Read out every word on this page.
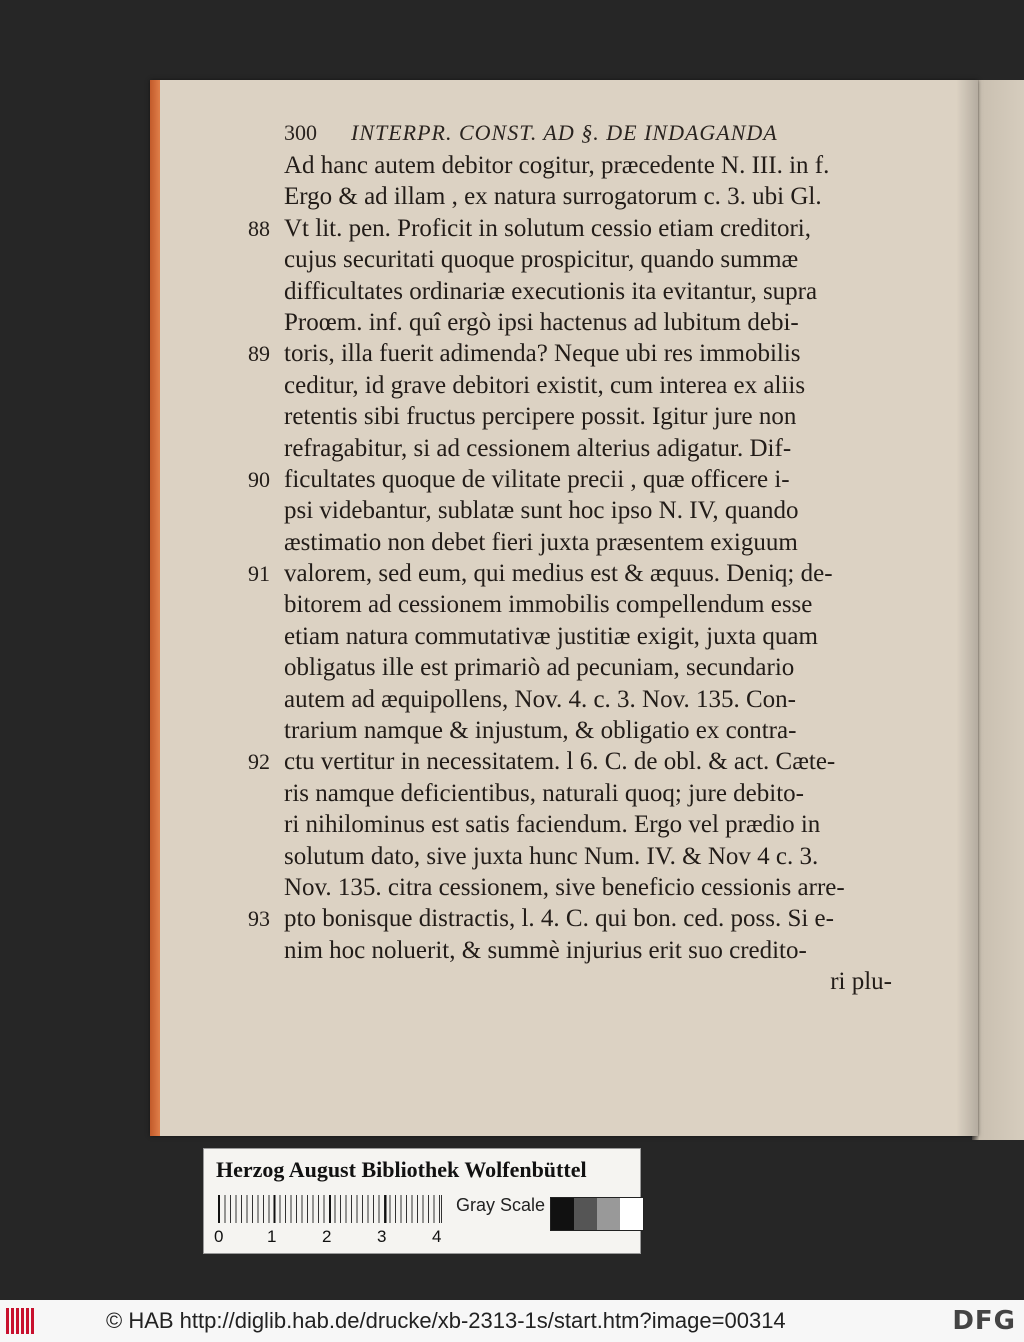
300 INTERPR. CONST. AD §. DE INDAGANDA
Ad hanc autem debitor cogitur, præcedente N. III. in f.
Ergo & ad illam , ex natura surrogatorum c. 3. ubi Gl.
88 Vt lit. pen. Proficit in solutum cessio etiam creditori,
cujus securitati quoque prospicitur, quando summæ
difficultates ordinariæ executionis ita evitantur, supra
Proœm. inf. quî ergò ipsi hactenus ad lubitum debi-
89 toris, illa fuerit adimenda? Neque ubi res immobilis
ceditur, id grave debitori existit, cum interea ex aliis
retentis sibi fructus percipere possit. Igitur jure non
refragabitur, si ad cessionem alterius adigatur. Dif-
90 ficultates quoque de vilitate precii , quæ officere i-
psi videbantur, sublatæ sunt hoc ipso N. IV, quando
æstimatio non debet fieri juxta præsentem exiguum
91 valorem, sed eum, qui medius est & æquus. Deniq; de-
bitorem ad cessionem immobilis compellendum esse
etiam natura commutativæ justitiæ exigit, juxta quam
obligatus ille est primariò ad pecuniam, secundario
autem ad æquipollens, Nov. 4. c. 3. Nov. 135. Con-
trarium namque & injustum, & obligatio ex contra-
92 ctu vertitur in necessitatem. l 6. C. de obl. & act. Cæte-
ris namque deficientibus, naturali quoq; jure debito-
ri nihilominus est satis faciendum. Ergo vel prædio in
solutum dato, sive juxta hunc Num. IV. & Nov 4 c. 3.
Nov. 135. citra cessionem, sive beneficio cessionis arre-
93 pto bonisque distractis, l. 4. C. qui bon. ced. poss. Si e-
nim hoc noluerit, & summè injurius erit suo credito-
ri plu-
Herzog August Bibliothek Wolfenbüttel
0	1	2	3	4
Gray Scale
© HAB http://diglib.hab.de/drucke/xb-2313-1s/start.htm?image=00314	DFG
